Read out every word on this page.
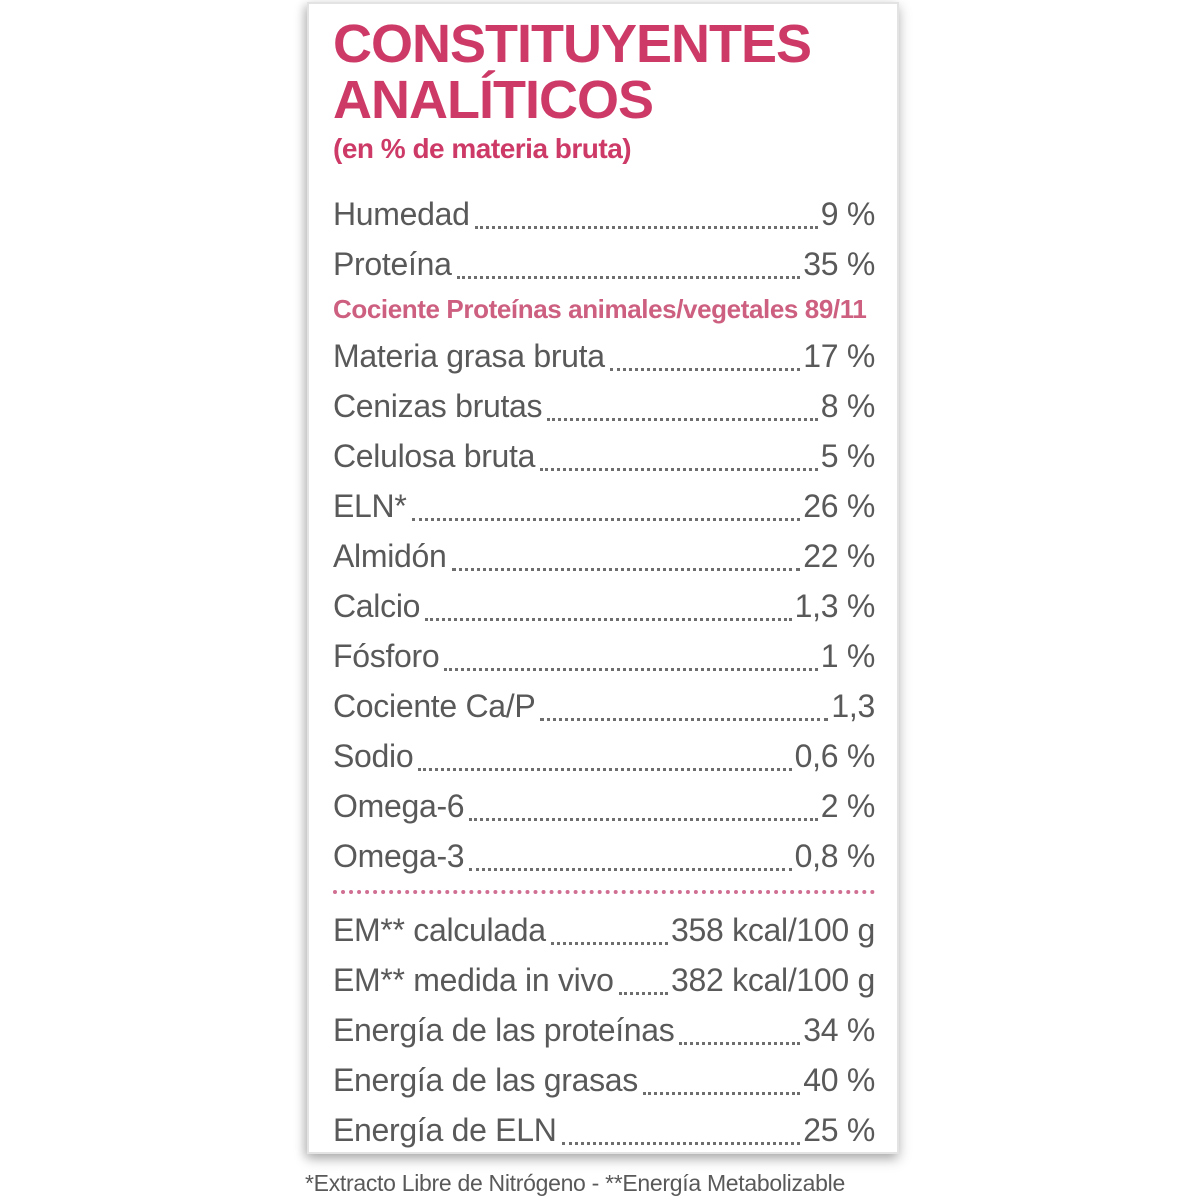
CONSTITUYENTES
ANALÍTICOS
(en % de materia bruta)
Humedad	9 %
Proteína	35 %
Cociente Proteínas animales/vegetales 89/11
Materia grasa bruta	17 %
Cenizas brutas	8 %
Celulosa bruta	5 %
ELN*	26 %
Almidón	22 %
Calcio	1,3 %
Fósforo	1 %
Cociente Ca/P	1,3
Sodio	0,6 %
Omega-6	2 %
Omega-3	0,8 %
EM** calculada	358 kcal/100 g
EM** medida in vivo 382 kcal/100 g
Energía de las proteínas	34 %
Energía de las grasas	40 %
Energía de ELN	25 %
*Extracto Libre de Nitrógeno - **Energía Metabolizable
